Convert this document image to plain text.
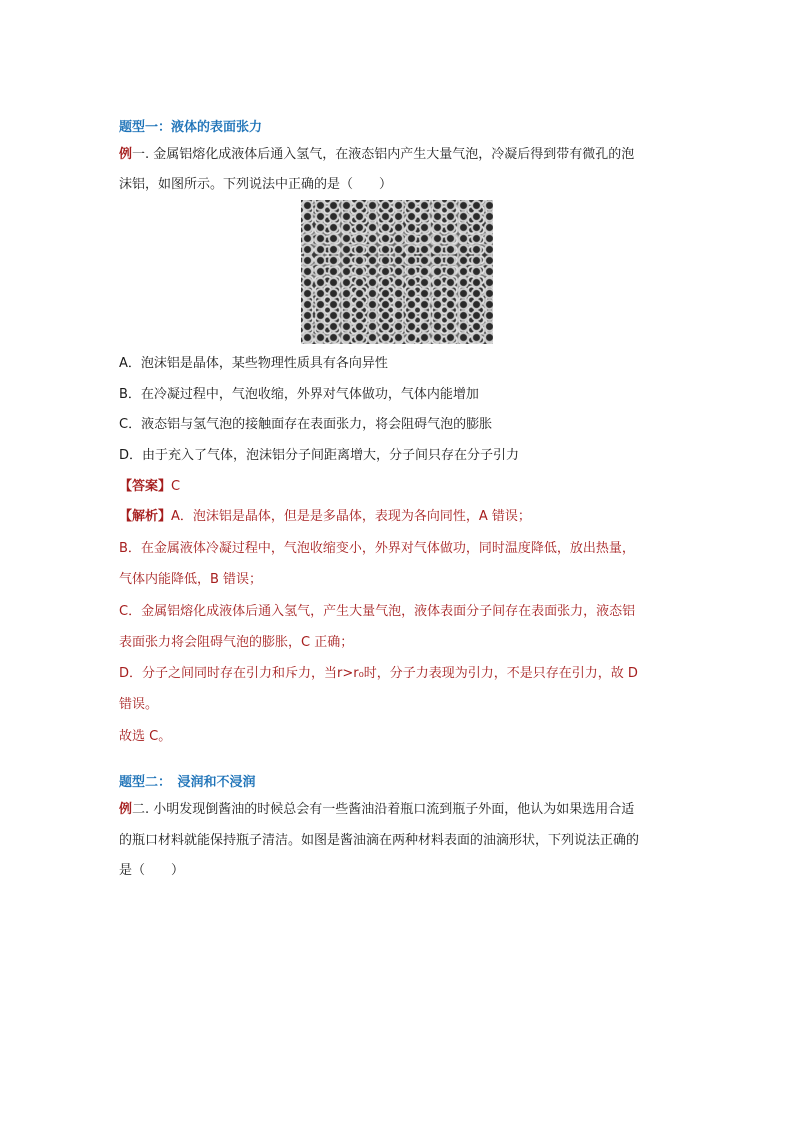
题型一：液体的表面张力
例一. 金属铝熔化成液体后通入氢气，在液态铝内产生大量气泡，冷凝后得到带有微孔的泡
沫铝，如图所示。下列说法中正确的是（　　）
A．泡沫铝是晶体，某些物理性质具有各向异性
B．在冷凝过程中，气泡收缩，外界对气体做功，气体内能增加
C．液态铝与氢气泡的接触面存在表面张力，将会阻碍气泡的膨胀
D．由于充入了气体，泡沫铝分子间距离增大，分子间只存在分子引力
【答案】C
【解析】A．泡沫铝是晶体，但是是多晶体，表现为各向同性，A 错误；
B．在金属液体冷凝过程中，气泡收缩变小，外界对气体做功，同时温度降低，放出热量，
气体内能降低，B 错误；
C．金属铝熔化成液体后通入氢气，产生大量气泡，液体表面分子间存在表面张力，液态铝
表面张力将会阻碍气泡的膨胀，C 正确；
D．分子之间同时存在引力和斥力，当r>r₀时，分子力表现为引力，不是只存在引力，故 D
错误。
故选 C。
题型二：　浸润和不浸润
例二. 小明发现倒酱油的时候总会有一些酱油沿着瓶口流到瓶子外面，他认为如果选用合适
的瓶口材料就能保持瓶子清洁。如图是酱油滴在两种材料表面的油滴形状，下列说法正确的
是（　　）
